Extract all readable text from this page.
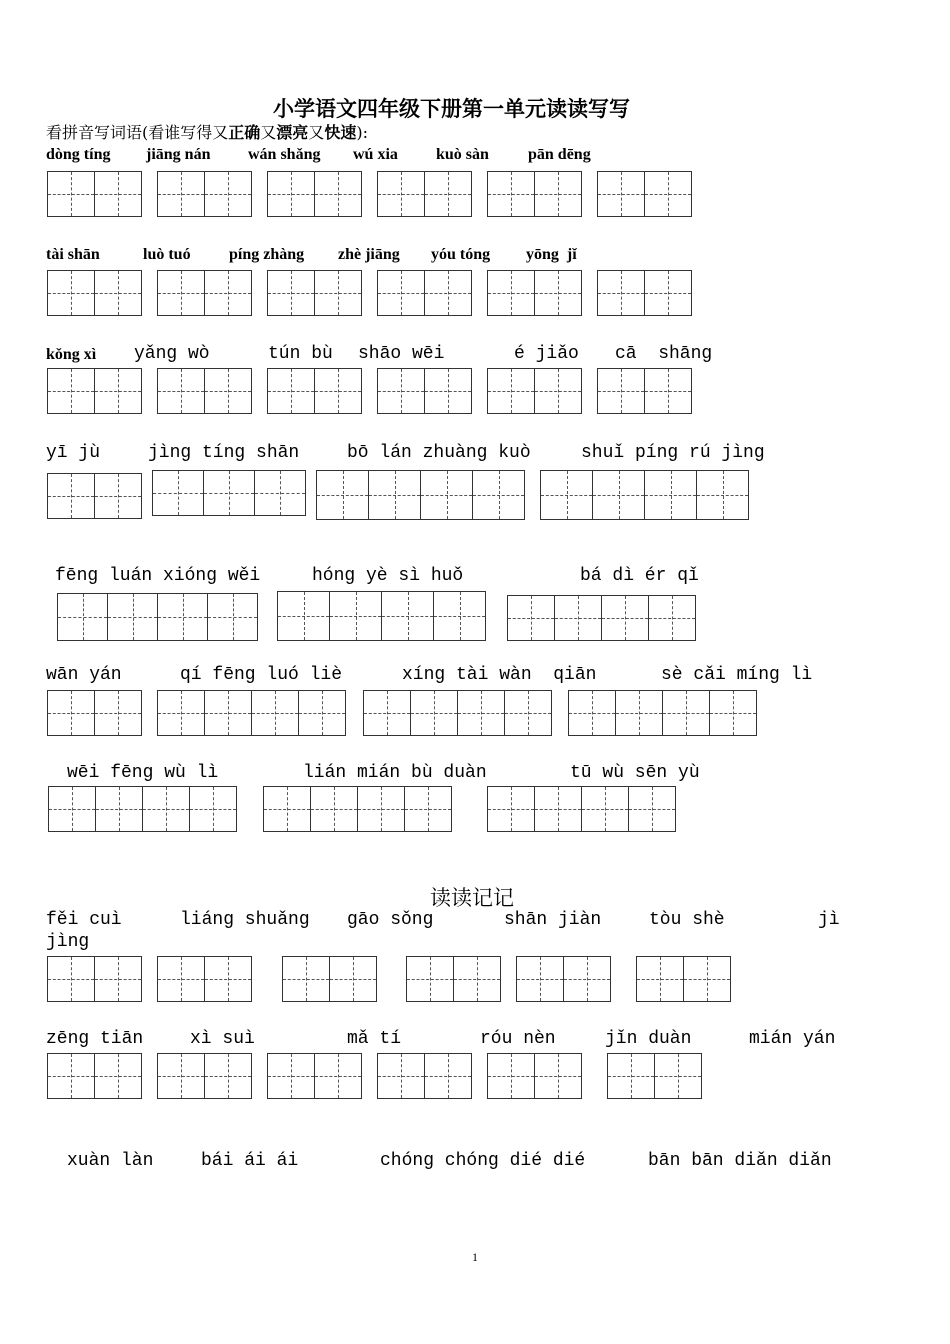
小学语文四年级下册第一单元读读写写
看拼音写词语(看谁写得又正确又漂亮又快速):
dòng tíng jiāng nán wán shǎng wú xia kuò sàn pān dēng
tài shān	luò tuó píng zhàng zhè jiāng yóu tóng yōng  jǐ
kǒng xì yǎng wò	tún bù shāo wēi	é jiǎo cā  shāng
yī jù	jìng tíng shān	bō lán zhuàng kuò	shuǐ píng rú jìng
fēng luán xióng wěi	hóng yè sì huǒ	bá dì ér qǐ
wān yán	qí fēng luó liè	xíng tài wàn  qiān	sè cǎi míng lì
wēi fēng wù lì	lián mián bù duàn	tū wù sēn yù
读读记记
fěi cuì	liáng shuǎng gāo sǒng	shān jiàn	tòu shè	jì
jìng
zēng tiān	xì suì	mǎ tí	róu nèn	jǐn duàn	mián yán
xuàn làn	bái ái ái	chóng chóng dié dié	bān bān diǎn diǎn
1
